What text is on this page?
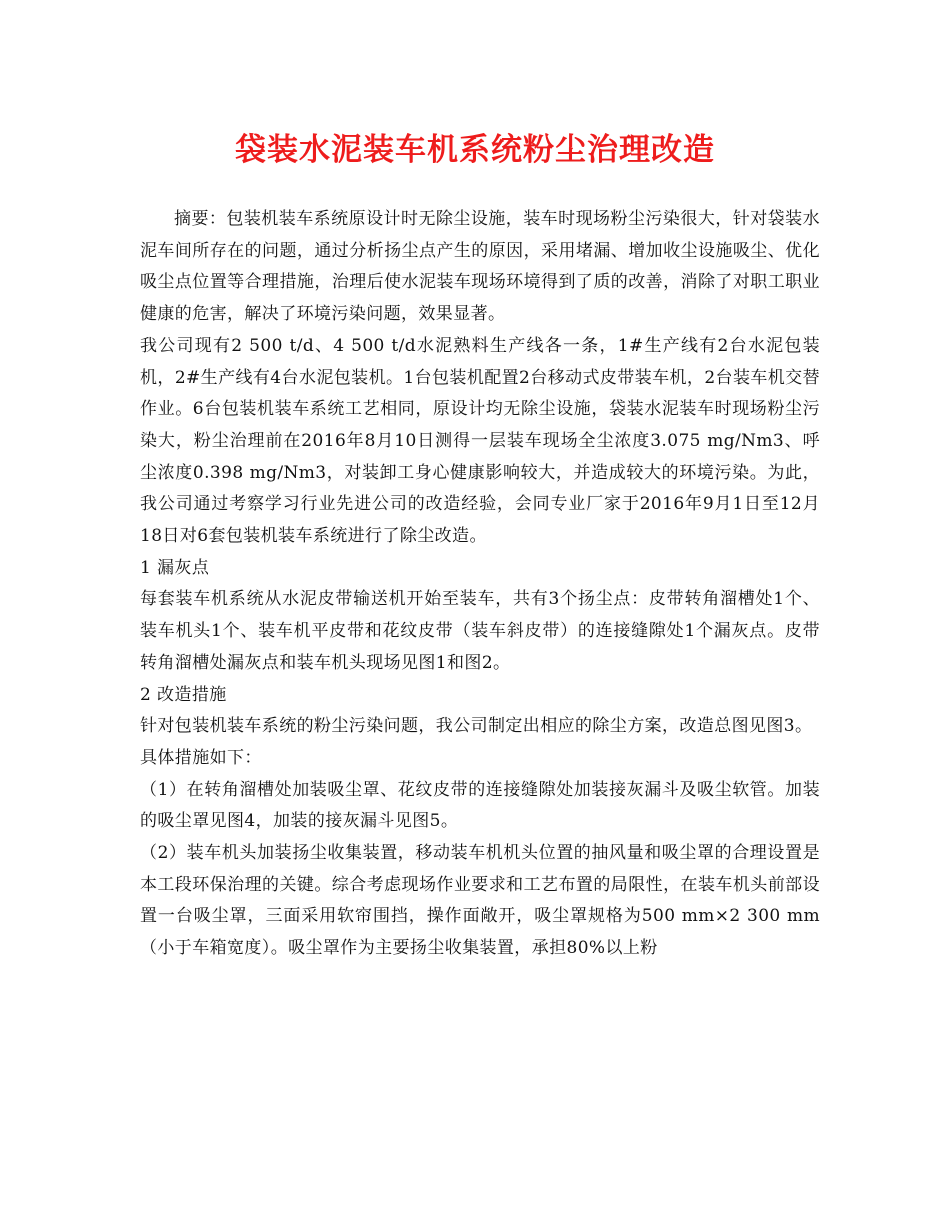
袋装水泥装车机系统粉尘治理改造

摘要：包装机装车系统原设计时无除尘设施，装车时现场粉尘污染很大，针对袋装水泥车间所存在的问题，通过分析扬尘点产生的原因，采用堵漏、增加收尘设施吸尘、优化吸尘点位置等合理措施，治理后使水泥装车现场环境得到了质的改善，消除了对职工职业健康的危害，解决了环境污染问题，效果显著。

我公司现有2 500 t/d、4 500 t/d水泥熟料生产线各一条，1#生产线有2台水泥包装机，2#生产线有4台水泥包装机。1台包装机配置2台移动式皮带装车机，2台装车机交替作业。6台包装机装车系统工艺相同，原设计均无除尘设施，袋装水泥装车时现场粉尘污染大，粉尘治理前在2016年8月10日测得一层装车现场全尘浓度3.075 mg/Nm3、呼尘浓度0.398 mg/Nm3，对装卸工身心健康影响较大，并造成较大的环境污染。为此，我公司通过考察学习行业先进公司的改造经验，会同专业厂家于2016年9月1日至12月18日对6套包装机装车系统进行了除尘改造。

1 漏灰点

每套装车机系统从水泥皮带输送机开始至装车，共有3个扬尘点：皮带转角溜槽处1个、装车机头1个、装车机平皮带和花纹皮带（装车斜皮带）的连接缝隙处1个漏灰点。皮带转角溜槽处漏灰点和装车机头现场见图1和图2。

2 改造措施

针对包装机装车系统的粉尘污染问题，我公司制定出相应的除尘方案，改造总图见图3。

具体措施如下：

（1）在转角溜槽处加装吸尘罩、花纹皮带的连接缝隙处加装接灰漏斗及吸尘软管。加装的吸尘罩见图4，加装的接灰漏斗见图5。

（2）装车机头加装扬尘收集装置，移动装车机机头位置的抽风量和吸尘罩的合理设置是本工段环保治理的关键。综合考虑现场作业要求和工艺布置的局限性，在装车机头前部设置一台吸尘罩，三面采用软帘围挡，操作面敞开，吸尘罩规格为500 mm×2 300 mm（小于车箱宽度）。吸尘罩作为主要扬尘收集装置，承担80%以上粉
